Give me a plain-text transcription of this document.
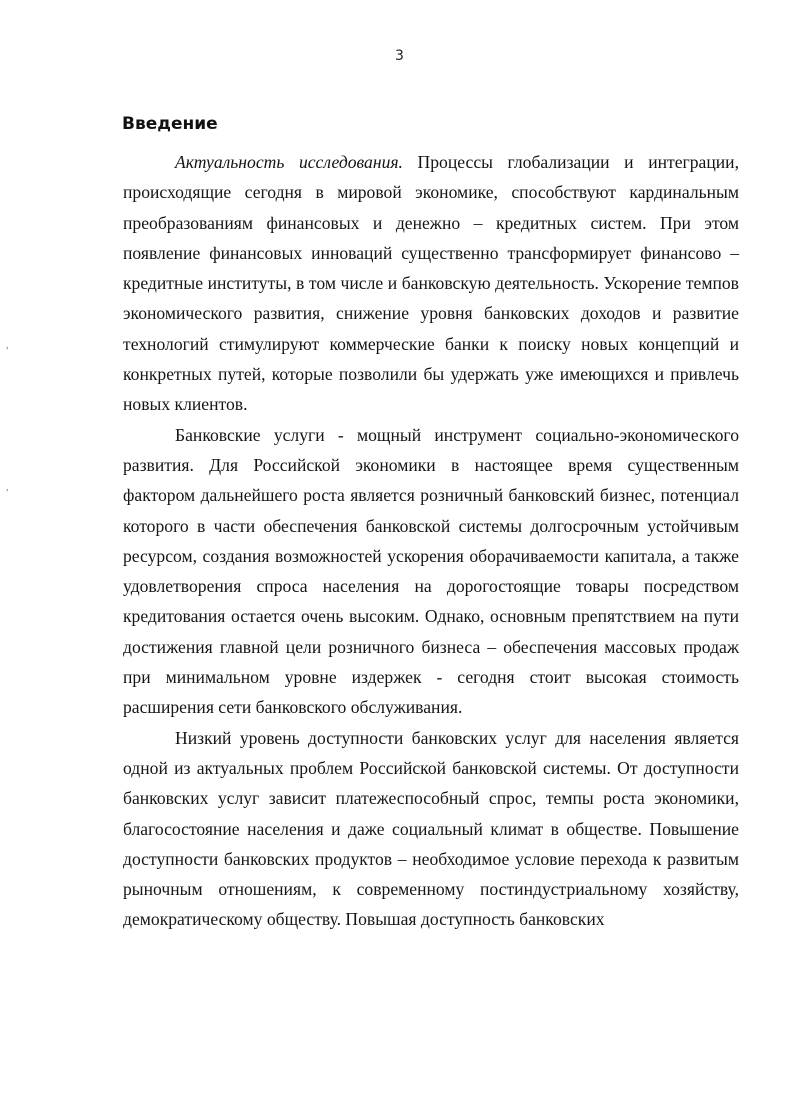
3
Введение

Актуальность исследования. Процессы глобализации и интеграции, происходящие сегодня в мировой экономике, способствуют кардинальным преобразованиям финансовых и денежно – кредитных систем. При этом появление финансовых инноваций существенно трансформирует финансово – кредитные институты, в том числе и банковскую деятельность. Ускорение темпов экономического развития, снижение уровня банковских доходов и развитие технологий стимулируют коммерческие банки к поиску новых концепций и конкретных путей, которые позволили бы удержать уже имеющихся и привлечь новых клиентов.

Банковские услуги - мощный инструмент социально-экономического развития. Для Российской экономики в настоящее время существенным фактором дальнейшего роста является розничный банковский бизнес, потенциал которого в части обеспечения банковской системы долгосрочным устойчивым ресурсом, создания возможностей ускорения оборачиваемости капитала, а также удовлетворения спроса населения на дорогостоящие товары посредством кредитования остается очень высоким. Однако, основным препятствием на пути достижения главной цели розничного бизнеса – обеспечения массовых продаж при минимальном уровне издержек - сегодня стоит высокая стоимость расширения сети банковского обслуживания.

Низкий уровень доступности банковских услуг для населения является одной из актуальных проблем Российской банковской системы. От доступности банковских услуг зависит платежеспособный спрос, темпы роста экономики, благосостояние населения и даже социальный климат в обществе. Повышение доступности банковских продуктов – необходимое условие перехода к развитым рыночным отношениям, к современному постиндустриальному хозяйству, демократическому обществу. Повышая доступность банковских

,
,
